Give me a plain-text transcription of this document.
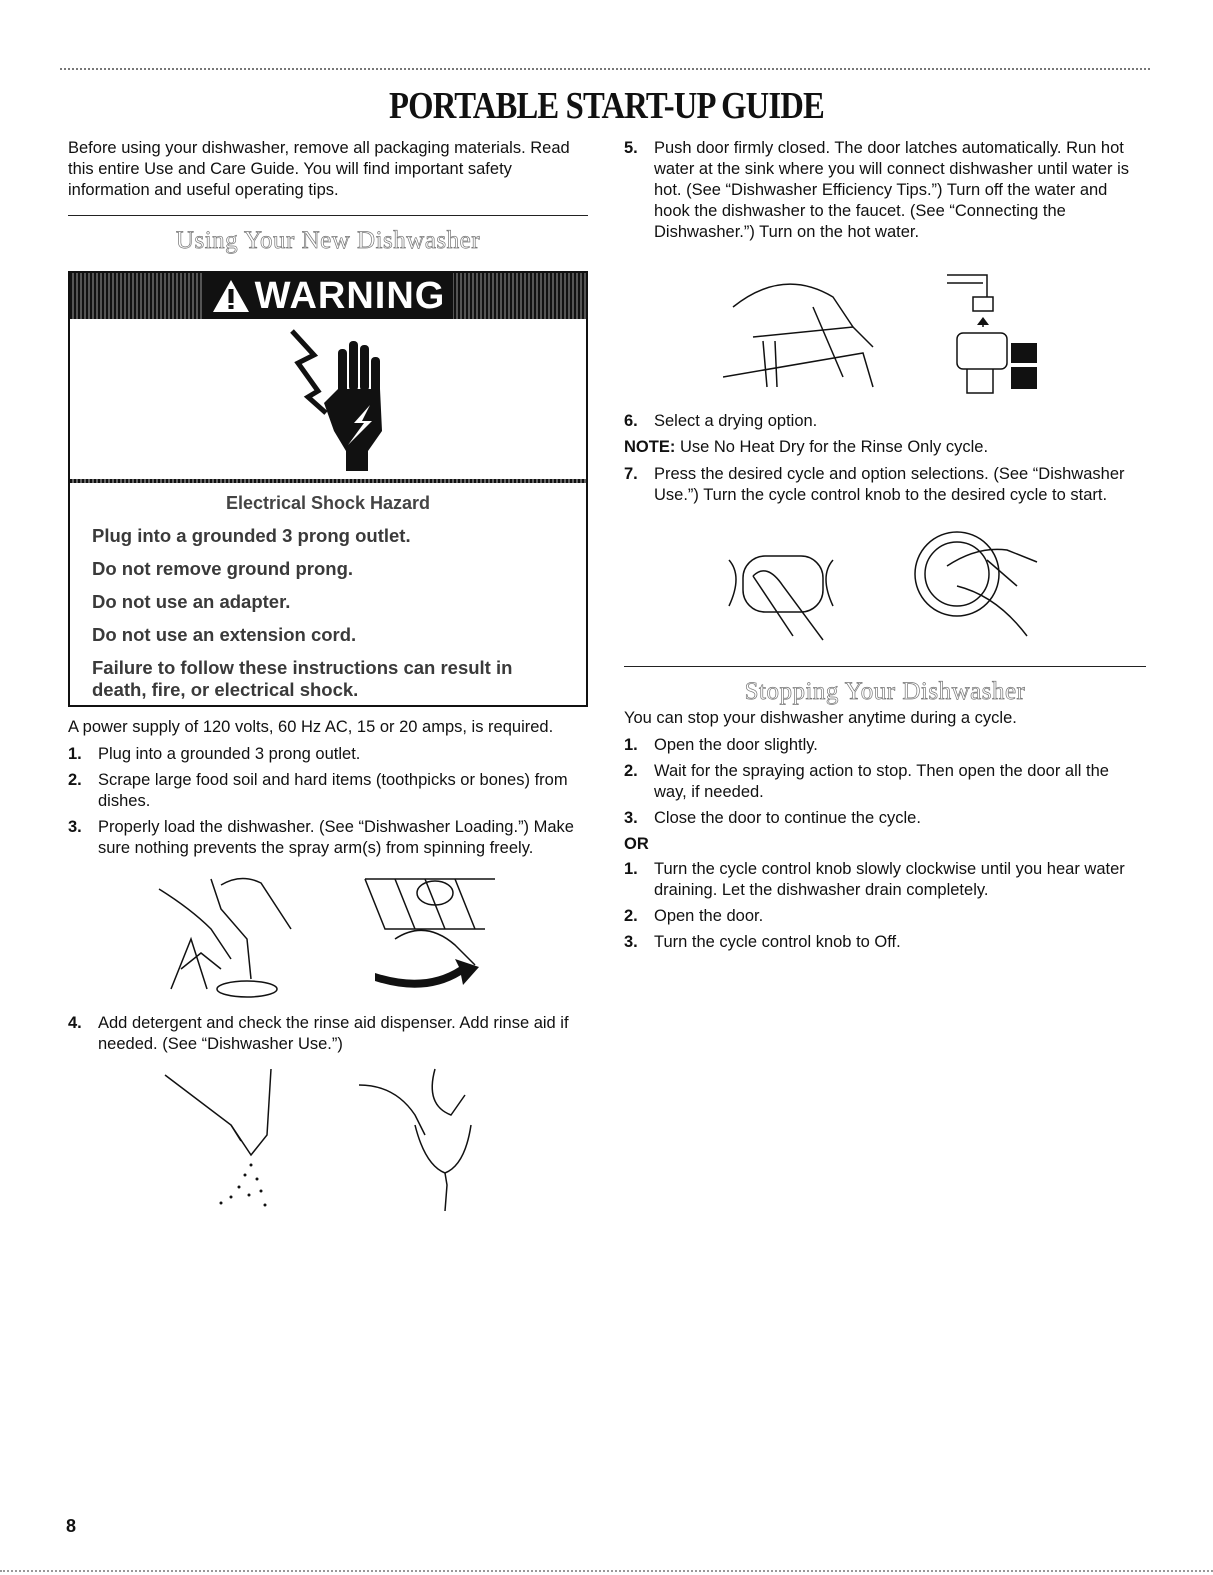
PORTABLE START-UP GUIDE

Before using your dishwasher, remove all packaging materials. Read this entire Use and Care Guide. You will find important safety information and useful operating tips.

Using Your New Dishwasher
WARNING
Electrical Shock Hazard
Plug into a grounded 3 prong outlet.
Do not remove ground prong.
Do not use an adapter.
Do not use an extension cord.
Failure to follow these instructions can result in death, fire, or electrical shock.

A power supply of 120 volts, 60 Hz AC, 15 or 20 amps, is required.

1. Plug into a grounded 3 prong outlet.
2. Scrape large food soil and hard items (toothpicks or bones) from dishes.
3. Properly load the dishwasher. (See “Dishwasher Loading.”) Make sure nothing prevents the spray arm(s) from spinning freely.
4. Add detergent and check the rinse aid dispenser. Add rinse aid if needed. (See “Dishwasher Use.”)
5. Push door firmly closed. The door latches automatically. Run hot water at the sink where you will connect dishwasher until water is hot. (See “Dishwasher Efficiency Tips.”) Turn off the water and hook the dishwasher to the faucet. (See “Connecting the Dishwasher.”) Turn on the hot water.
6. Select a drying option.

NOTE: Use No Heat Dry for the Rinse Only cycle.

7. Press the desired cycle and option selections. (See “Dishwasher Use.”) Turn the cycle control knob to the desired cycle to start.
Stopping Your Dishwasher

You can stop your dishwasher anytime during a cycle.

1. Open the door slightly.
2. Wait for the spraying action to stop. Then open the door all the way, if needed.
3. Close the door to continue the cycle.
OR
1. Turn the cycle control knob slowly clockwise until you hear water draining. Let the dishwasher drain completely.
2. Open the door.
3. Turn the cycle control knob to Off.
8
